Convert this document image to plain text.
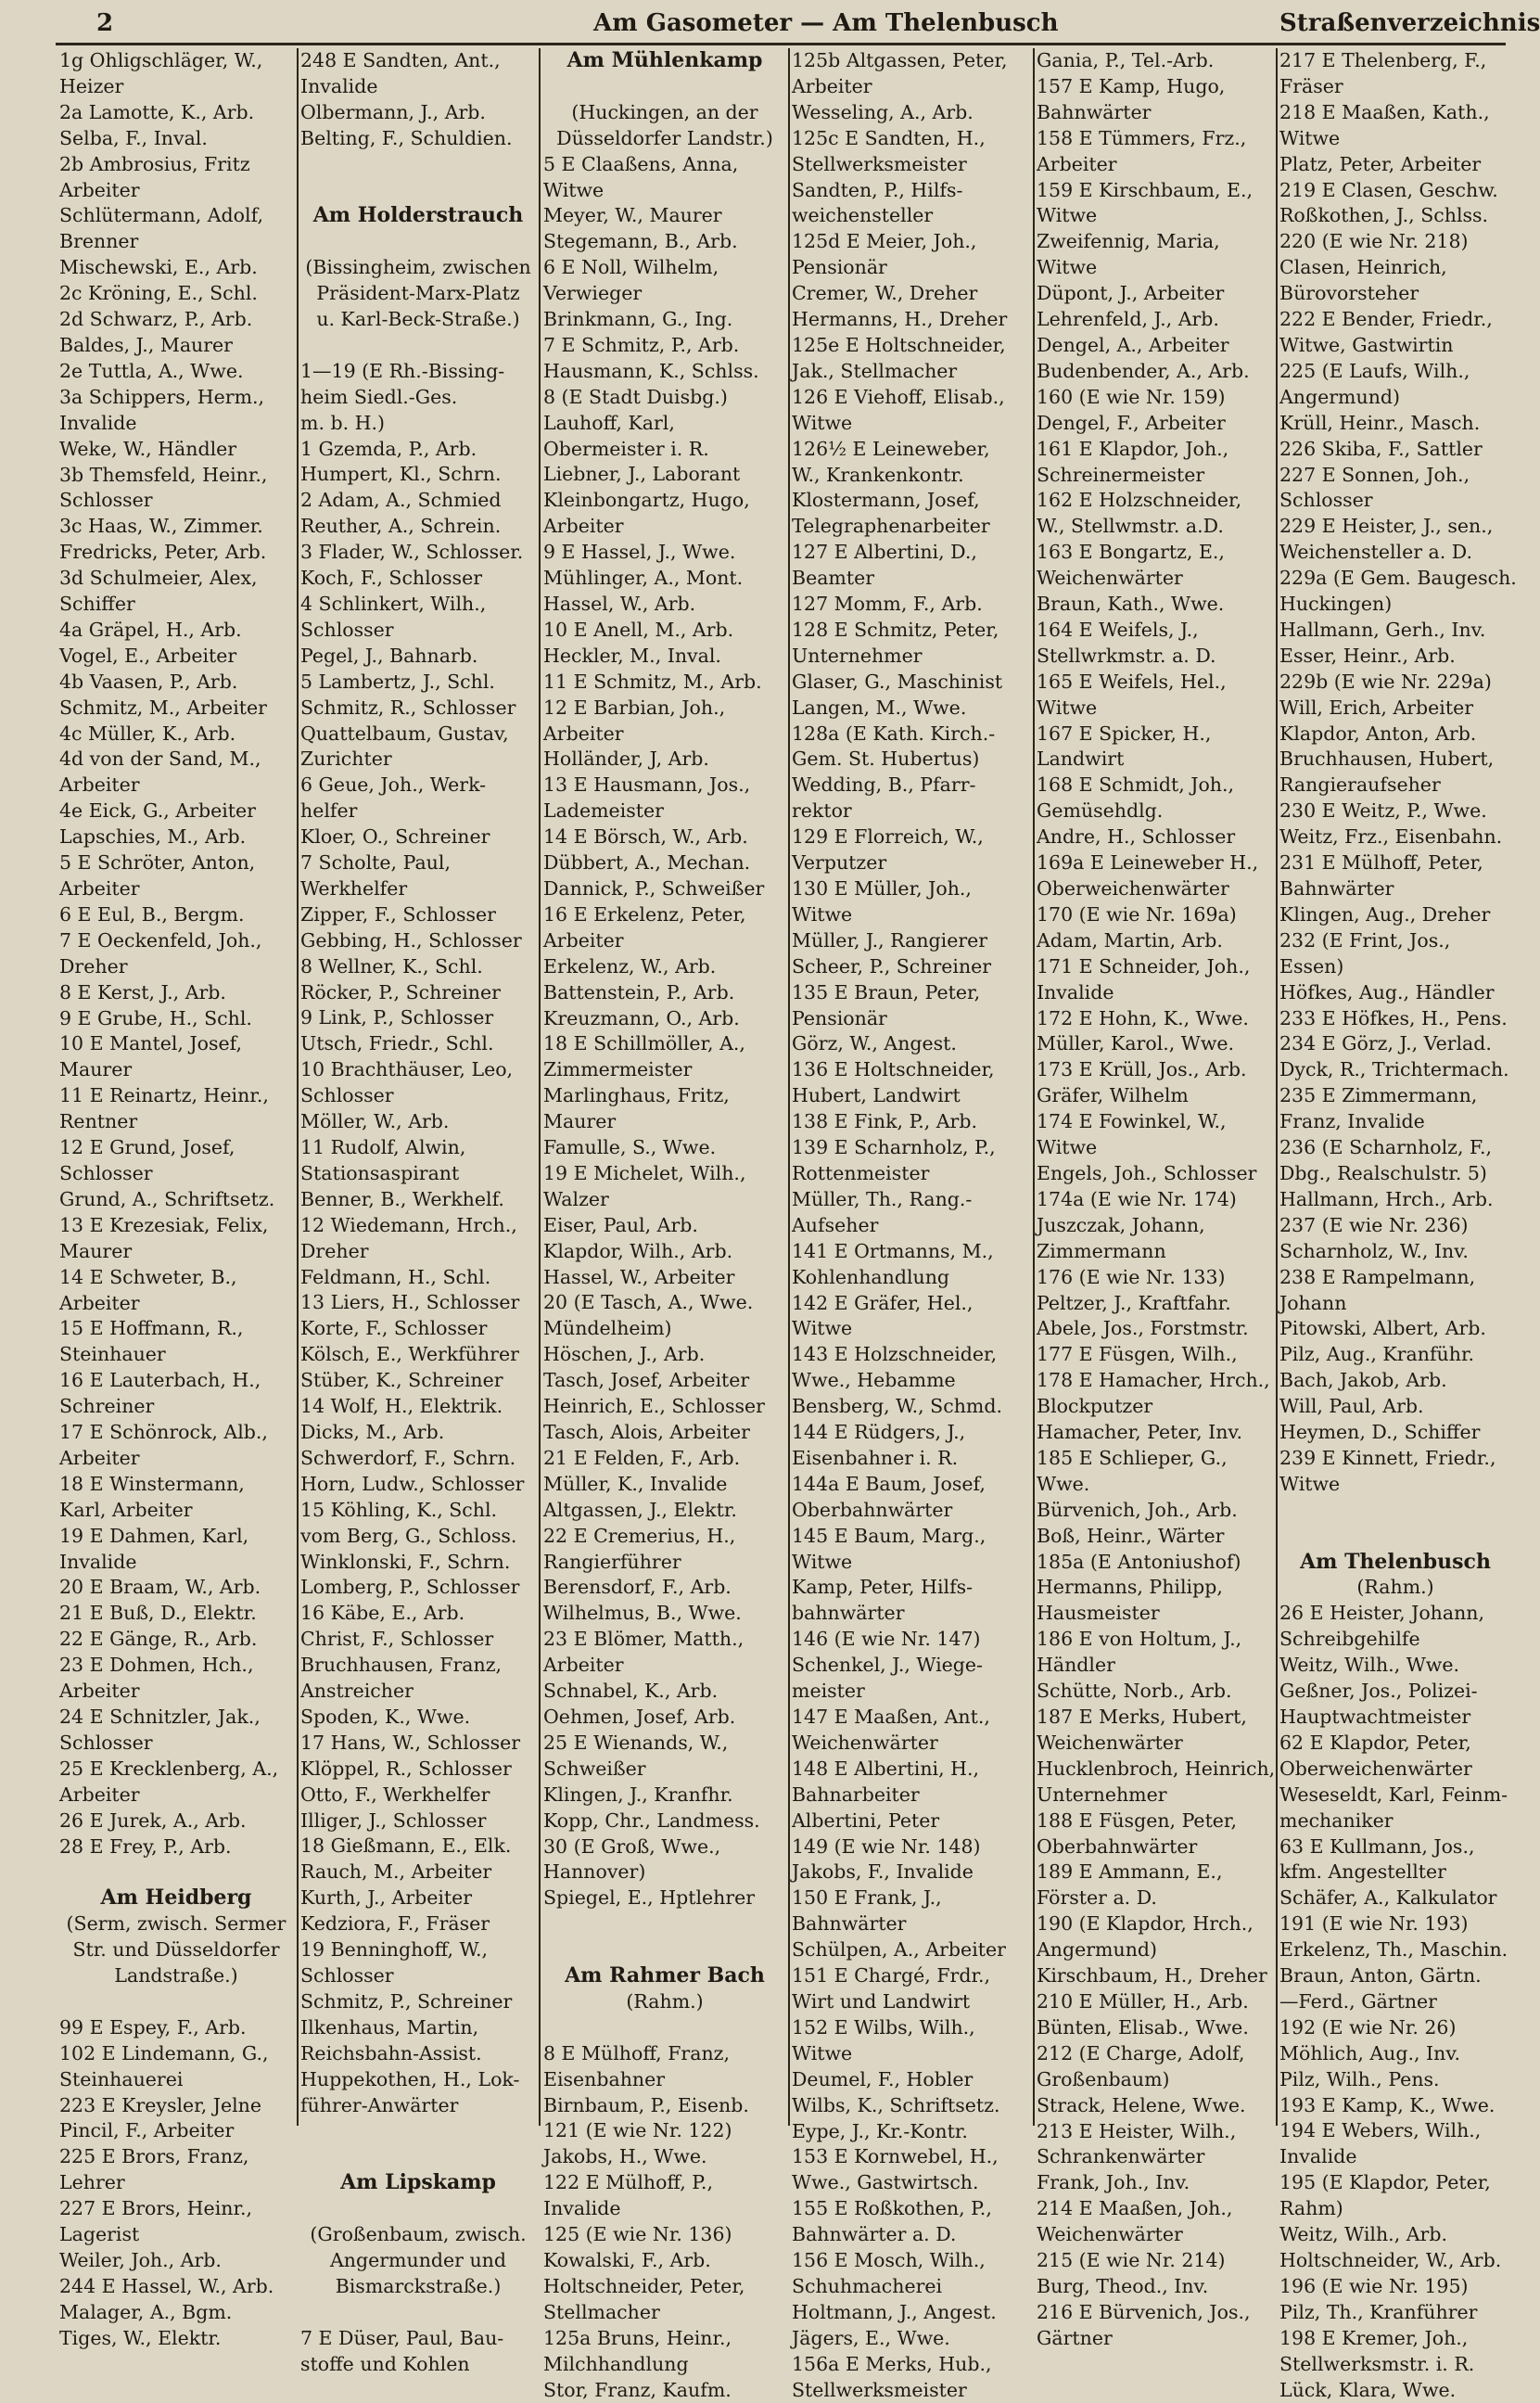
2	Am Gasometer — Am Thelenbusch	Straßenverzeichnis

1g Ohligschläger, W.,

Heizer

2a Lamotte, K., Arb.

Selba, F., Inval.

2b Ambrosius, Fritz

Arbeiter

Schlütermann, Adolf,

Brenner

Mischewski, E., Arb.

2c Kröning, E., Schl.

2d Schwarz, P., Arb.

Baldes, J., Maurer

2e Tuttla, A., Wwe.

3a Schippers, Herm.,

Invalide

Weke, W., Händler

3b Themsfeld, Heinr.,

Schlosser

3c Haas, W., Zimmer.

Fredricks, Peter, Arb.

3d Schulmeier, Alex,

Schiffer

4a Gräpel, H., Arb.

Vogel, E., Arbeiter

4b Vaasen, P., Arb.

Schmitz, M., Arbeiter

4c Müller, K., Arb.

4d von der Sand, M.,

Arbeiter

4e Eick, G., Arbeiter

Lapschies, M., Arb.

5 E Schröter, Anton,

Arbeiter

6 E Eul, B., Bergm.

7 E Oeckenfeld, Joh.,

Dreher

8 E Kerst, J., Arb.

9 E Grube, H., Schl.

10 E Mantel, Josef,

Maurer

11 E Reinartz, Heinr.,

Rentner

12 E Grund, Josef,

Schlosser

Grund, A., Schriftsetz.

13 E Krezesiak, Felix,

Maurer

14 E Schweter, B.,

Arbeiter

15 E Hoffmann, R.,

Steinhauer

16 E Lauterbach, H.,

Schreiner

17 E Schönrock, Alb.,

Arbeiter

18 E Winstermann,

Karl, Arbeiter

19 E Dahmen, Karl,

Invalide

20 E Braam, W., Arb.

21 E Buß, D., Elektr.

22 E Gänge, R., Arb.

23 E Dohmen, Hch.,

Arbeiter

24 E Schnitzler, Jak.,

Schlosser

25 E Krecklenberg, A.,

Arbeiter

26 E Jurek, A., Arb.

28 E Frey, P., Arb.

Am Heidberg

(Serm, zwisch. Sermer

Str. und Düsseldorfer

Landstraße.)

99 E Espey, F., Arb.

102 E Lindemann, G.,

Steinhauerei

223 E Kreysler, Jelne

Pincil, F., Arbeiter

225 E Brors, Franz,

Lehrer

227 E Brors, Heinr.,

Lagerist

Weiler, Joh., Arb.

244 E Hassel, W., Arb.

Malager, A., Bgm.

Tiges, W., Elektr.

248 E Sandten, Ant.,

Invalide

Olbermann, J., Arb.

Belting, F., Schuldien.

Am Holderstrauch

(Bissingheim, zwischen

Präsident-Marx-Platz

u. Karl-Beck-Straße.)

1—19 (E Rh.-Bissing-

heim Siedl.-Ges.

m. b. H.)

1 Gzemda, P., Arb.

Humpert, Kl., Schrn.

2 Adam, A., Schmied

Reuther, A., Schrein.

3 Flader, W., Schlosser.

Koch, F., Schlosser

4 Schlinkert, Wilh.,

Schlosser

Pegel, J., Bahnarb.

5 Lambertz, J., Schl.

Schmitz, R., Schlosser

Quattelbaum, Gustav,

Zurichter

6 Geue, Joh., Werk-

helfer

Kloer, O., Schreiner

7 Scholte, Paul,

Werkhelfer

Zipper, F., Schlosser

Gebbing, H., Schlosser

8 Wellner, K., Schl.

Röcker, P., Schreiner

9 Link, P., Schlosser

Utsch, Friedr., Schl.

10 Brachthäuser, Leo,

Schlosser

Möller, W., Arb.

11 Rudolf, Alwin,

Stationsaspirant

Benner, B., Werkhelf.

12 Wiedemann, Hrch.,

Dreher

Feldmann, H., Schl.

13 Liers, H., Schlosser

Korte, F., Schlosser

Kölsch, E., Werkführer

Stüber, K., Schreiner

14 Wolf, H., Elektrik.

Dicks, M., Arb.

Schwerdorf, F., Schrn.

Horn, Ludw., Schlosser

15 Köhling, K., Schl.

vom Berg, G., Schloss.

Winklonski, F., Schrn.

Lomberg, P., Schlosser

16 Käbe, E., Arb.

Christ, F., Schlosser

Bruchhausen, Franz,

Anstreicher

Spoden, K., Wwe.

17 Hans, W., Schlosser

Klöppel, R., Schlosser

Otto, F., Werkhelfer

Illiger, J., Schlosser

18 Gießmann, E., Elk.

Rauch, M., Arbeiter

Kurth, J., Arbeiter

Kedziora, F., Fräser

19 Benninghoff, W.,

Schlosser

Schmitz, P., Schreiner

Ilkenhaus, Martin,

Reichsbahn-Assist.

Huppekothen, H., Lok-

führer-Anwärter

Am Lipskamp

(Großenbaum, zwisch.

Angermunder und

Bismarckstraße.)

7 E Düser, Paul, Bau-

stoffe und Kohlen

Am Mühlenkamp

(Huckingen, an der

Düsseldorfer Landstr.)

5 E Claaßens, Anna,

Witwe

Meyer, W., Maurer

Stegemann, B., Arb.

6 E Noll, Wilhelm,

Verwieger

Brinkmann, G., Ing.

7 E Schmitz, P., Arb.

Hausmann, K., Schlss.

8 (E Stadt Duisbg.)

Lauhoff, Karl,

Obermeister i. R.

Liebner, J., Laborant

Kleinbongartz, Hugo,

Arbeiter

9 E Hassel, J., Wwe.

Mühlinger, A., Mont.

Hassel, W., Arb.

10 E Anell, M., Arb.

Heckler, M., Inval.

11 E Schmitz, M., Arb.

12 E Barbian, Joh.,

Arbeiter

Holländer, J, Arb.

13 E Hausmann, Jos.,

Lademeister

14 E Börsch, W., Arb.

Dübbert, A., Mechan.

Dannick, P., Schweißer

16 E Erkelenz, Peter,

Arbeiter

Erkelenz, W., Arb.

Battenstein, P., Arb.

Kreuzmann, O., Arb.

18 E Schillmöller, A.,

Zimmermeister

Marlinghaus, Fritz,

Maurer

Famulle, S., Wwe.

19 E Michelet, Wilh.,

Walzer

Eiser, Paul, Arb.

Klapdor, Wilh., Arb.

Hassel, W., Arbeiter

20 (E Tasch, A., Wwe.

Mündelheim)

Höschen, J., Arb.

Tasch, Josef, Arbeiter

Heinrich, E., Schlosser

Tasch, Alois, Arbeiter

21 E Felden, F., Arb.

Müller, K., Invalide

Altgassen, J., Elektr.

22 E Cremerius, H.,

Rangierführer

Berensdorf, F., Arb.

Wilhelmus, B., Wwe.

23 E Blömer, Matth.,

Arbeiter

Schnabel, K., Arb.

Oehmen, Josef, Arb.

25 E Wienands, W.,

Schweißer

Klingen, J., Kranfhr.

Kopp, Chr., Landmess.

30 (E Groß, Wwe.,

Hannover)

Spiegel, E., Hptlehrer

Am Rahmer Bach

(Rahm.)

8 E Mülhoff, Franz,

Eisenbahner

Birnbaum, P., Eisenb.

121 (E wie Nr. 122)

Jakobs, H., Wwe.

122 E Mülhoff, P.,

Invalide

125 (E wie Nr. 136)

Kowalski, F., Arb.

Holtschneider, Peter,

Stellmacher

125a Bruns, Heinr.,

Milchhandlung

Stor, Franz, Kaufm.

125b Altgassen, Peter,

Arbeiter

Wesseling, A., Arb.

125c E Sandten, H.,

Stellwerksmeister

Sandten, P., Hilfs-

weichensteller

125d E Meier, Joh.,

Pensionär

Cremer, W., Dreher

Hermanns, H., Dreher

125e E Holtschneider,

Jak., Stellmacher

126 E Viehoff, Elisab.,

Witwe

126½ E Leineweber,

W., Krankenkontr.

Klostermann, Josef,

Telegraphenarbeiter

127 E Albertini, D.,

Beamter

127 Momm, F., Arb.

128 E Schmitz, Peter,

Unternehmer

Glaser, G., Maschinist

Langen, M., Wwe.

128a (E Kath. Kirch.-

Gem. St. Hubertus)

Wedding, B., Pfarr-

rektor

129 E Florreich, W.,

Verputzer

130 E Müller, Joh.,

Witwe

Müller, J., Rangierer

Scheer, P., Schreiner

135 E Braun, Peter,

Pensionär

Görz, W., Angest.

136 E Holtschneider,

Hubert, Landwirt

138 E Fink, P., Arb.

139 E Scharnholz, P.,

Rottenmeister

Müller, Th., Rang.-

Aufseher

141 E Ortmanns, M.,

Kohlenhandlung

142 E Gräfer, Hel.,

Witwe

143 E Holzschneider,

Wwe., Hebamme

Bensberg, W., Schmd.

144 E Rüdgers, J.,

Eisenbahner i. R.

144a E Baum, Josef,

Oberbahnwärter

145 E Baum, Marg.,

Witwe

Kamp, Peter, Hilfs-

bahnwärter

146 (E wie Nr. 147)

Schenkel, J., Wiege-

meister

147 E Maaßen, Ant.,

Weichenwärter

148 E Albertini, H.,

Bahnarbeiter

Albertini, Peter

149 (E wie Nr. 148)

Jakobs, F., Invalide

150 E Frank, J.,

Bahnwärter

Schülpen, A., Arbeiter

151 E Chargé, Frdr.,

Wirt und Landwirt

152 E Wilbs, Wilh.,

Witwe

Deumel, F., Hobler

Wilbs, K., Schriftsetz.

Eype, J., Kr.-Kontr.

153 E Kornwebel, H.,

Wwe., Gastwirtsch.

155 E Roßkothen, P.,

Bahnwärter a. D.

156 E Mosch, Wilh.,

Schuhmacherei

Holtmann, J., Angest.

Jägers, E., Wwe.

156a E Merks, Hub.,

Stellwerksmeister

Gania, P., Tel.-Arb.

157 E Kamp, Hugo,

Bahnwärter

158 E Tümmers, Frz.,

Arbeiter

159 E Kirschbaum, E.,

Witwe

Zweifennig, Maria,

Witwe

Düpont, J., Arbeiter

Lehrenfeld, J., Arb.

Dengel, A., Arbeiter

Budenbender, A., Arb.

160 (E wie Nr. 159)

Dengel, F., Arbeiter

161 E Klapdor, Joh.,

Schreinermeister

162 E Holzschneider,

W., Stellwmstr. a.D.

163 E Bongartz, E.,

Weichenwärter

Braun, Kath., Wwe.

164 E Weifels, J.,

Stellwrkmstr. a. D.

165 E Weifels, Hel.,

Witwe

167 E Spicker, H.,

Landwirt

168 E Schmidt, Joh.,

Gemüsehdlg.

Andre, H., Schlosser

169a E Leineweber H.,

Oberweichenwärter

170 (E wie Nr. 169a)

Adam, Martin, Arb.

171 E Schneider, Joh.,

Invalide

172 E Hohn, K., Wwe.

Müller, Karol., Wwe.

173 E Krüll, Jos., Arb.

Gräfer, Wilhelm

174 E Fowinkel, W.,

Witwe

Engels, Joh., Schlosser

174a (E wie Nr. 174)

Juszczak, Johann,

Zimmermann

176 (E wie Nr. 133)

Peltzer, J., Kraftfahr.

Abele, Jos., Forstmstr.

177 E Füsgen, Wilh.,

178 E Hamacher, Hrch.,

Blockputzer

Hamacher, Peter, Inv.

185 E Schlieper, G.,

Wwe.

Bürvenich, Joh., Arb.

Boß, Heinr., Wärter

185a (E Antoniushof)

Hermanns, Philipp,

Hausmeister

186 E von Holtum, J.,

Händler

Schütte, Norb., Arb.

187 E Merks, Hubert,

Weichenwärter

Hucklenbroch, Heinrich,

Unternehmer

188 E Füsgen, Peter,

Oberbahnwärter

189 E Ammann, E.,

Förster a. D.

190 (E Klapdor, Hrch.,

Angermund)

Kirschbaum, H., Dreher

210 E Müller, H., Arb.

Bünten, Elisab., Wwe.

212 (E Charge, Adolf,

Großenbaum)

Strack, Helene, Wwe.

213 E Heister, Wilh.,

Schrankenwärter

Frank, Joh., Inv.

214 E Maaßen, Joh.,

Weichenwärter

215 (E wie Nr. 214)

Burg, Theod., Inv.

216 E Bürvenich, Jos.,

Gärtner

217 E Thelenberg, F.,

Fräser

218 E Maaßen, Kath.,

Witwe

Platz, Peter, Arbeiter

219 E Clasen, Geschw.

Roßkothen, J., Schlss.

220 (E wie Nr. 218)

Clasen, Heinrich,

Bürovorsteher

222 E Bender, Friedr.,

Witwe, Gastwirtin

225 (E Laufs, Wilh.,

Angermund)

Krüll, Heinr., Masch.

226 Skiba, F., Sattler

227 E Sonnen, Joh.,

Schlosser

229 E Heister, J., sen.,

Weichensteller a. D.

229a (E Gem. Baugesch.

Huckingen)

Hallmann, Gerh., Inv.

Esser, Heinr., Arb.

229b (E wie Nr. 229a)

Will, Erich, Arbeiter

Klapdor, Anton, Arb.

Bruchhausen, Hubert,

Rangieraufseher

230 E Weitz, P., Wwe.

Weitz, Frz., Eisenbahn.

231 E Mülhoff, Peter,

Bahnwärter

Klingen, Aug., Dreher

232 (E Frint, Jos.,

Essen)

Höfkes, Aug., Händler

233 E Höfkes, H., Pens.

234 E Görz, J., Verlad.

Dyck, R., Trichtermach.

235 E Zimmermann,

Franz, Invalide

236 (E Scharnholz, F.,

Dbg., Realschulstr. 5)

Hallmann, Hrch., Arb.

237 (E wie Nr. 236)

Scharnholz, W., Inv.

238 E Rampelmann,

Johann

Pitowski, Albert, Arb.

Pilz, Aug., Kranführ.

Bach, Jakob, Arb.

Will, Paul, Arb.

Heymen, D., Schiffer

239 E Kinnett, Friedr.,

Witwe

Am Thelenbusch

(Rahm.)

26 E Heister, Johann,

Schreibgehilfe

Weitz, Wilh., Wwe.

Geßner, Jos., Polizei-

Hauptwachtmeister

62 E Klapdor, Peter,

Oberweichenwärter

Weseseldt, Karl, Feinm-

mechaniker

63 E Kullmann, Jos.,

kfm. Angestellter

Schäfer, A., Kalkulator

191 (E wie Nr. 193)

Erkelenz, Th., Maschin.

Braun, Anton, Gärtn.

—Ferd., Gärtner

192 (E wie Nr. 26)

Möhlich, Aug., Inv.

Pilz, Wilh., Pens.

193 E Kamp, K., Wwe.

194 E Webers, Wilh.,

Invalide

195 (E Klapdor, Peter,

Rahm)

Weitz, Wilh., Arb.

Holtschneider, W., Arb.

196 (E wie Nr. 195)

Pilz, Th., Kranführer

198 E Kremer, Joh.,

Stellwerksmstr. i. R.

Lück, Klara, Wwe.
